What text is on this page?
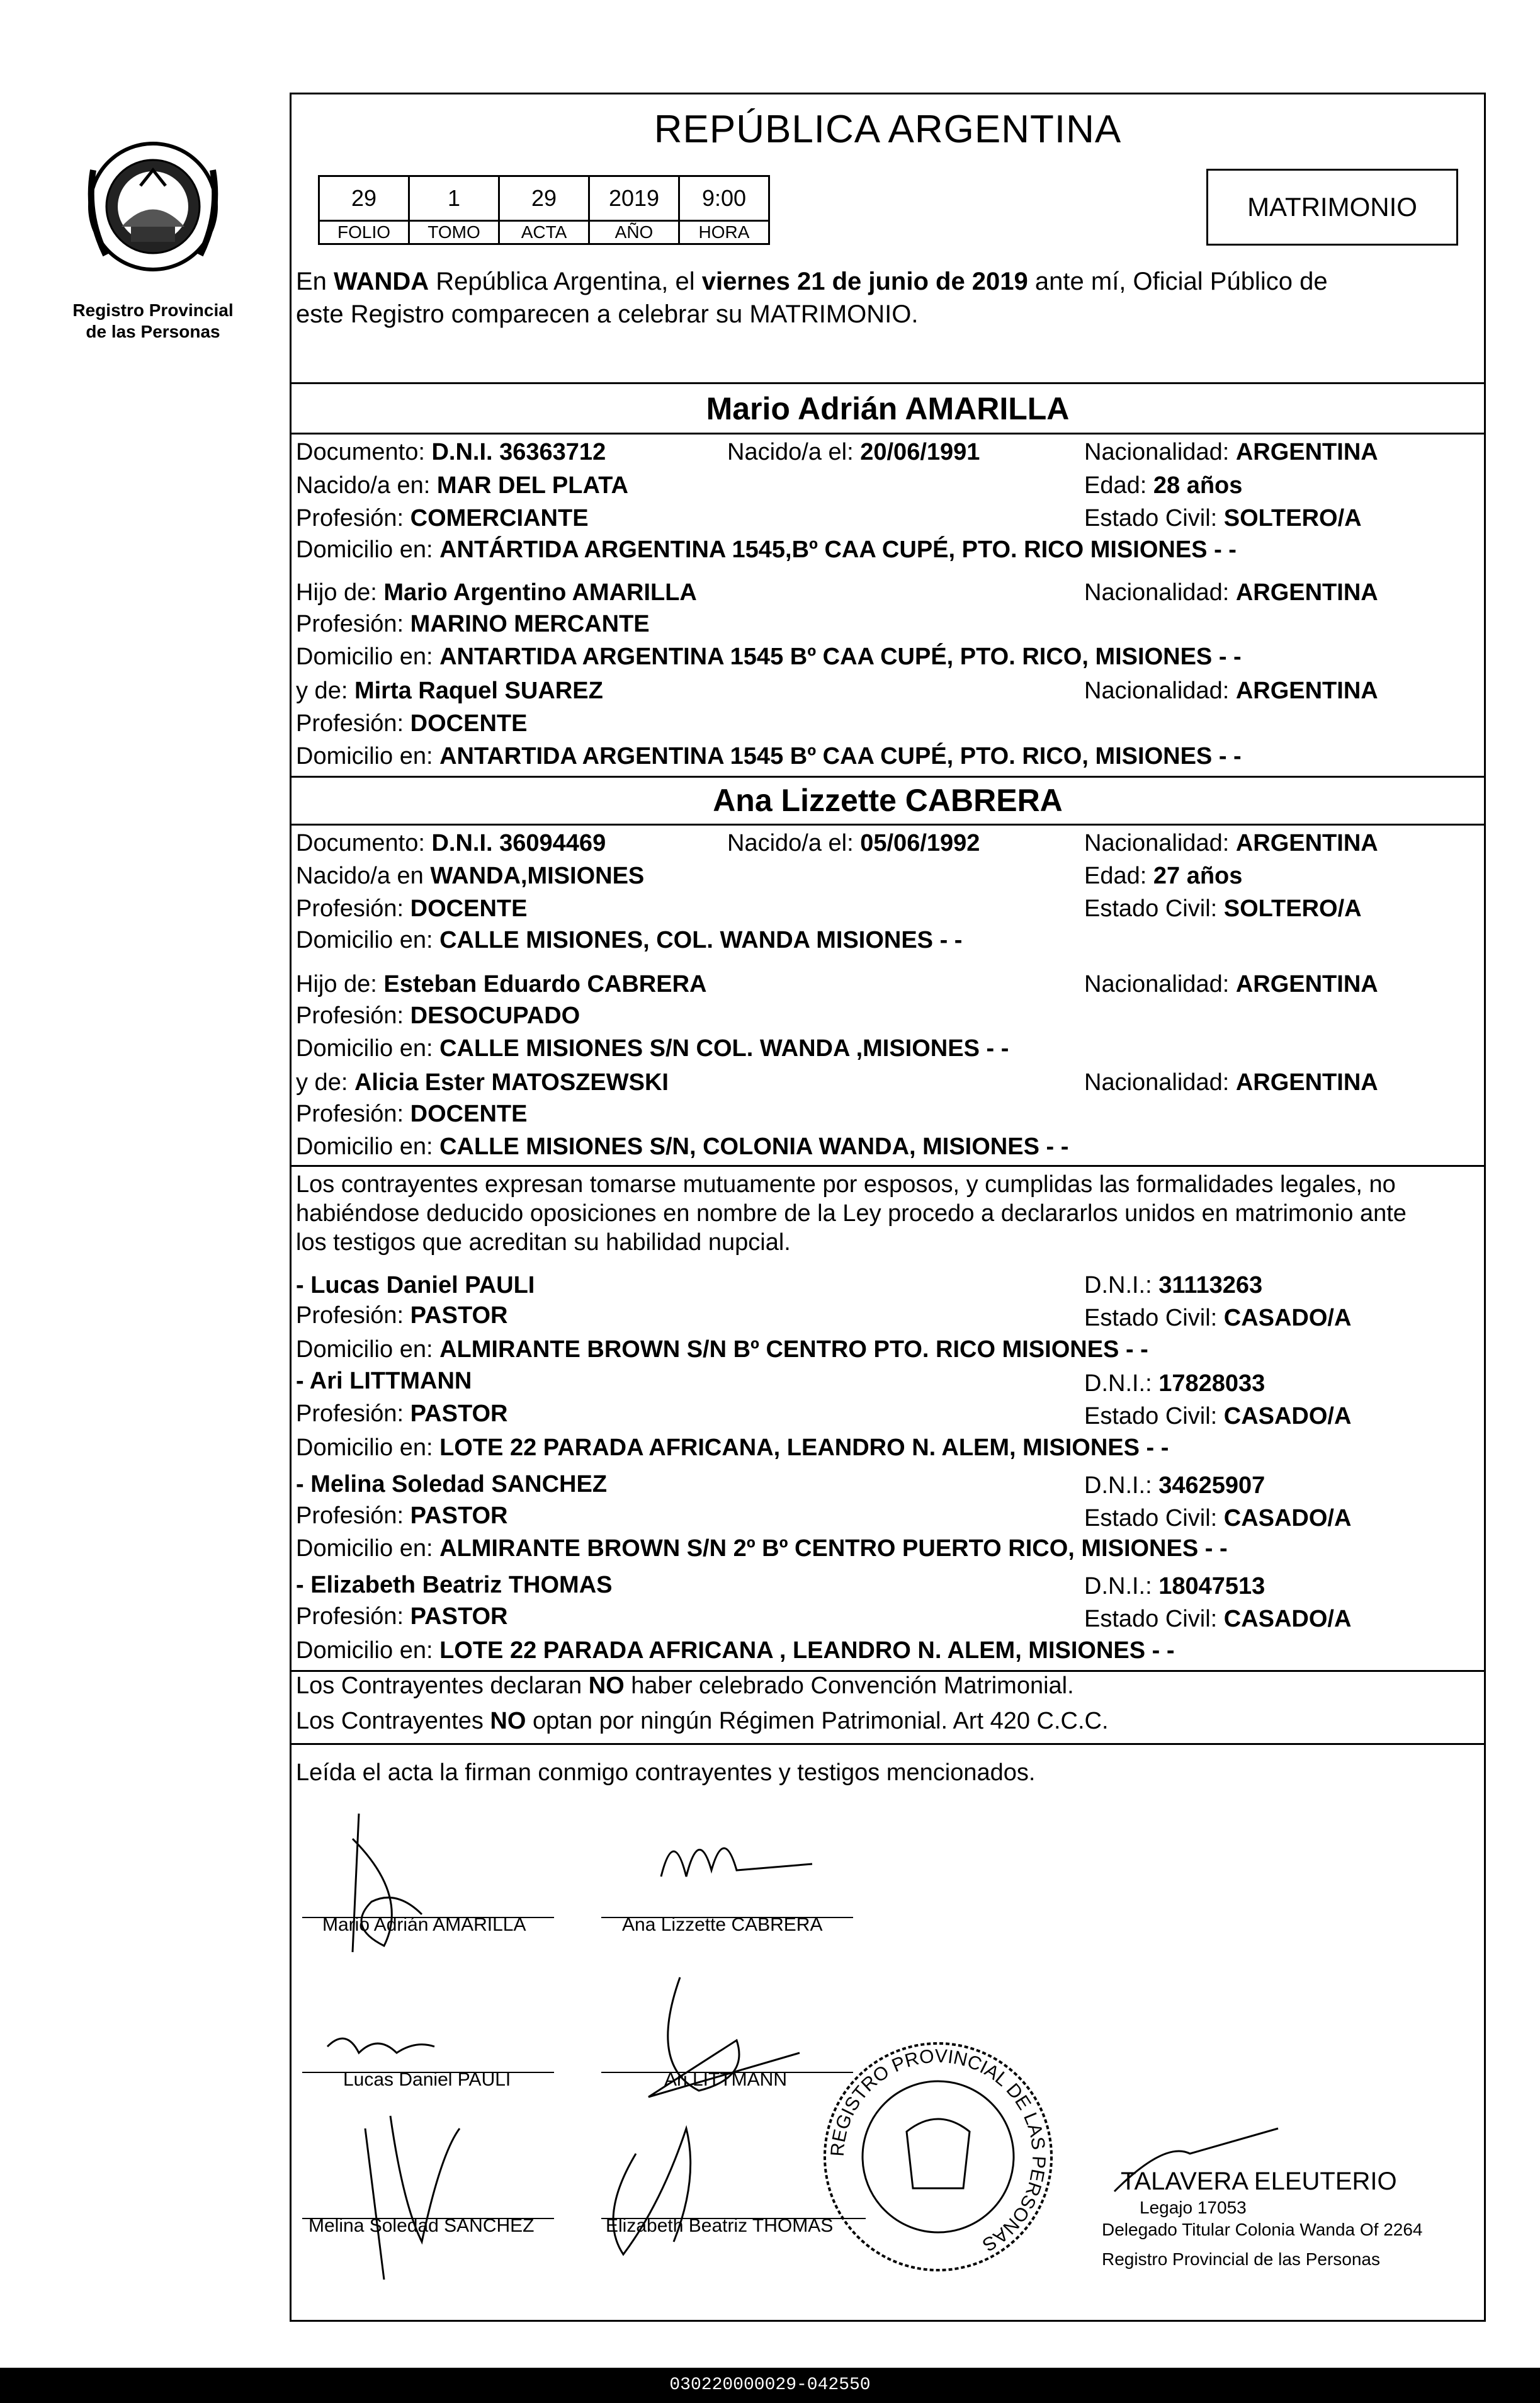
Registro Provincial
de las Personas
REPÚBLICA ARGENTINA
29	1	29	2019	9:00
FOLIO	TOMO	ACTA	AÑO	HORA
MATRIMONIO
En WANDA República Argentina, el viernes 21 de junio de 2019 ante mí, Oficial Público de
este Registro comparecen a celebrar su MATRIMONIO.
Mario Adrián AMARILLA
Documento: D.N.I. 36363712	Nacido/a el: 20/06/1991	Nacionalidad: ARGENTINA
Nacido/a en: MAR DEL PLATA	Edad: 28 años
Profesión: COMERCIANTE	Estado Civil: SOLTERO/A
Domicilio en: ANTÁRTIDA ARGENTINA 1545,Bº CAA CUPÉ, PTO. RICO MISIONES - -
Hijo de: Mario Argentino AMARILLA	Nacionalidad: ARGENTINA
Profesión: MARINO MERCANTE
Domicilio en: ANTARTIDA ARGENTINA 1545 Bº CAA CUPÉ, PTO. RICO, MISIONES - -
y de: Mirta Raquel SUAREZ	Nacionalidad: ARGENTINA
Profesión: DOCENTE
Domicilio en: ANTARTIDA ARGENTINA 1545 Bº CAA CUPÉ, PTO. RICO, MISIONES - -
Ana Lizzette CABRERA
Documento: D.N.I. 36094469	Nacido/a el: 05/06/1992	Nacionalidad: ARGENTINA
Nacido/a en WANDA,MISIONES	Edad: 27 años
Profesión: DOCENTE	Estado Civil: SOLTERO/A
Domicilio en: CALLE MISIONES, COL. WANDA MISIONES - -
Hijo de: Esteban Eduardo CABRERA	Nacionalidad: ARGENTINA
Profesión: DESOCUPADO
Domicilio en: CALLE MISIONES S/N COL. WANDA ,MISIONES - -
y de: Alicia Ester MATOSZEWSKI	Nacionalidad: ARGENTINA
Profesión: DOCENTE
Domicilio en: CALLE MISIONES S/N, COLONIA WANDA, MISIONES - -
Los contrayentes expresan tomarse mutuamente por esposos, y cumplidas las formalidades legales, no
habiéndose deducido oposiciones en nombre de la Ley procedo a declararlos unidos en matrimonio ante
los testigos que acreditan su habilidad nupcial.
- Lucas Daniel PAULI	D.N.I.: 31113263
Profesión: PASTOR	Estado Civil: CASADO/A
Domicilio en: ALMIRANTE BROWN S/N Bº CENTRO PTO. RICO MISIONES - -
- Ari LITTMANN	D.N.I.: 17828033
Profesión: PASTOR	Estado Civil: CASADO/A
Domicilio en: LOTE 22 PARADA AFRICANA, LEANDRO N. ALEM, MISIONES - -
- Melina Soledad SANCHEZ	D.N.I.: 34625907
Profesión: PASTOR	Estado Civil: CASADO/A
Domicilio en: ALMIRANTE BROWN S/N 2º Bº CENTRO PUERTO RICO, MISIONES - -
- Elizabeth Beatriz THOMAS	D.N.I.: 18047513
Profesión: PASTOR	Estado Civil: CASADO/A
Domicilio en: LOTE 22 PARADA AFRICANA , LEANDRO N. ALEM, MISIONES - -
Los Contrayentes declaran NO haber celebrado Convención Matrimonial.
Los Contrayentes NO optan por ningún Régimen Patrimonial. Art 420 C.C.C.
Leída el acta la firman conmigo contrayentes y testigos mencionados.
Mario Adrián AMARILLA	Ana Lizzette CABRERA
Lucas Daniel PAULI	Ari LITTMANN
Melina Soledad SANCHEZ	Elizabeth Beatriz THOMAS
REGISTRO PROVINCIAL DE LAS PERSONAS
TALAVERA ELEUTERIO
Legajo 17053
Delegado Titular Colonia Wanda Of 2264
Registro Provincial de las Personas
030220000029-042550
